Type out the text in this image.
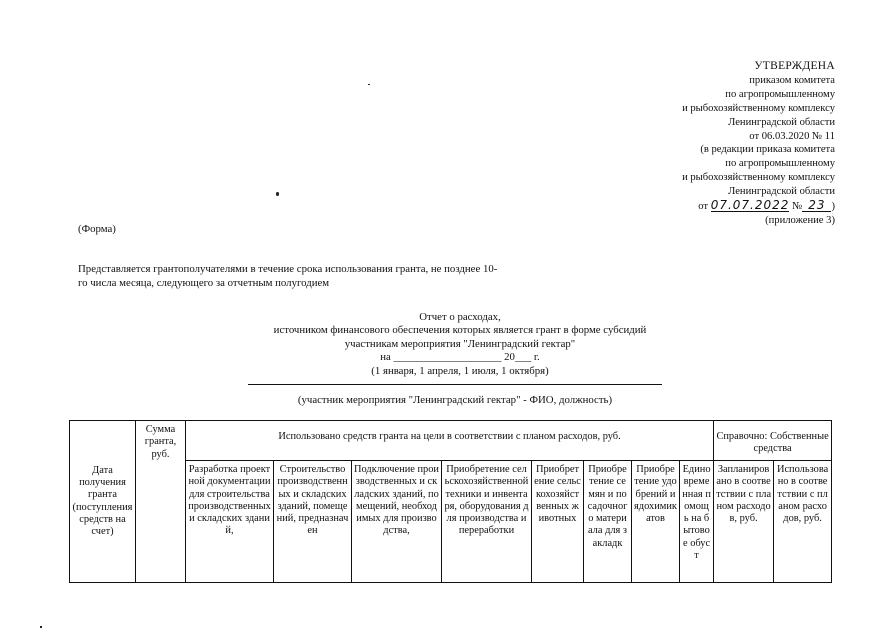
УТВЕРЖДЕНА
приказом комитета
по агропромышленному
и рыбохозяйственному комплексу
Ленинградской области
от 06.03.2020 № 11
(в редакции приказа комитета
по агропромышленному
и рыбохозяйственному комплексу
Ленинградской области
от 07.07.2022 № 23 )
(приложение 3)
(Форма)
Представляется грантополучателями в течение срока использования гранта, не позднее 10-го числа месяца, следующего за отчетным полугодием
Отчет о расходах,
источником финансового обеспечения которых является грант в форме субсидий
участникам мероприятия "Ленинградский гектар"
на ____________________ 20___ г.
(1 января, 1 апреля, 1 июля, 1 октября)
(участник мероприятия "Ленинградский гектар" - ФИО, должность)
Дата получения гранта (поступления средств на счет)	Сумма гранта, руб.	Использовано средств гранта на цели в соответствии с планом расходов, руб.								Справочно: Собственные средства	

		Разработка проектной документации для строительства производственных и складских зданий,	Строительство производственных и складских зданий, помещений, предназначен	Подключение производственных и складских зданий, помещений, необходимых для производства,	Приобретение сельскохозяйственной техники и инвентаря, оборудования для производства и переработки	Приобретение сельскохозяйственных животных	Приобретение семян и посадочного материала для закладк	Приобретение удобрений и ядохимикатов	Единовременная помощь на бытовое обуст	Запланировано в соответствии с планом расходов, руб.	Использовано в соответствии с планом расходов, руб.
